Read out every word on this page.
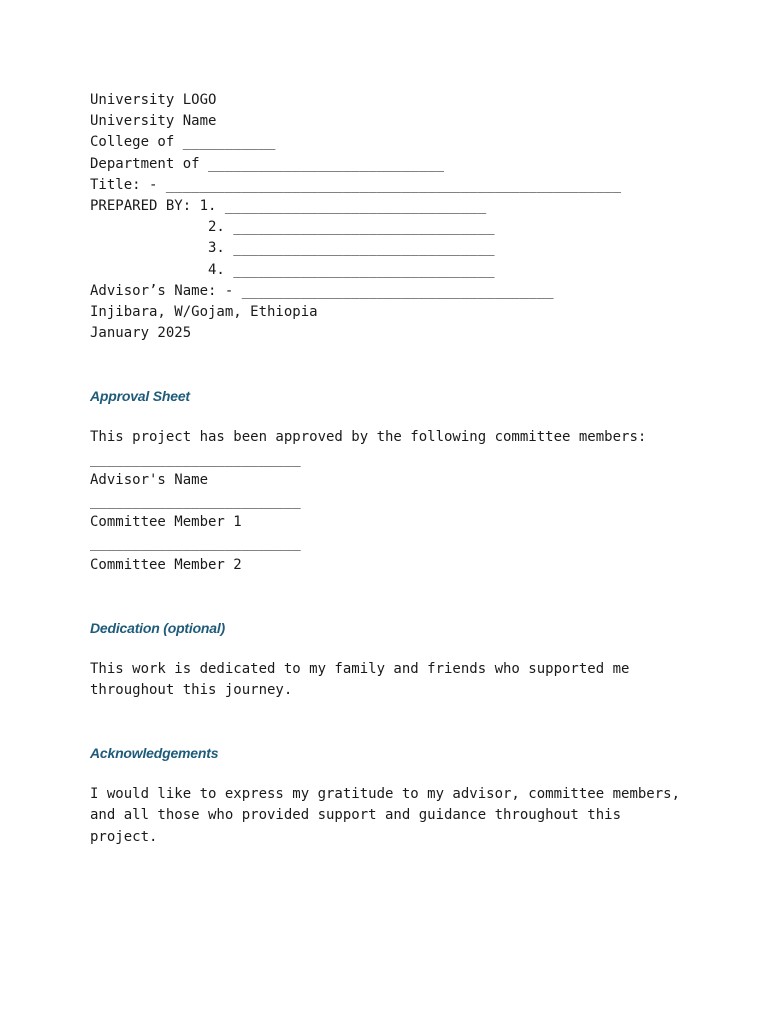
University LOGO

University Name

College of ___________

Department of ____________________________

Title: - ______________________________________________________

PREPARED BY: 1. _______________________________

2. _______________________________

3. _______________________________

4. _______________________________

Advisor’s Name: - _____________________________________

Injibara, W/Gojam, Ethiopia

January 2025

Approval Sheet

This project has been approved by the following committee members:

_________________________

Advisor's Name

_________________________

Committee Member 1

_________________________

Committee Member 2

Dedication (optional)

This work is dedicated to my family and friends who supported me

throughout this journey.

Acknowledgements

I would like to express my gratitude to my advisor, committee members,

and all those who provided support and guidance throughout this

project.
